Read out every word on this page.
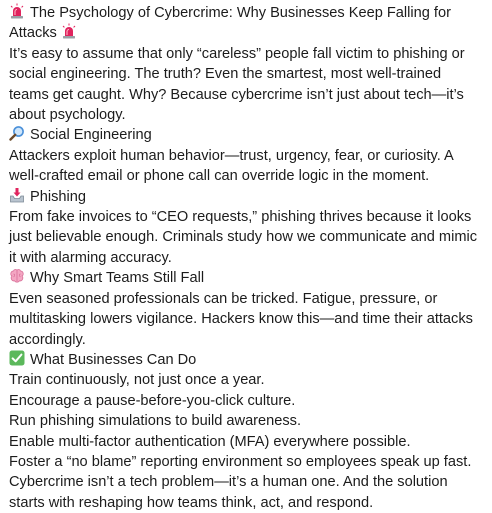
The Psychology of Cybercrime: Why Businesses Keep Falling for Attacks

It’s easy to assume that only “careless” people fall victim to phishing or social engineering. The truth? Even the smartest, most well-trained teams get caught. Why? Because cybercrime isn’t just about tech—it’s about psychology.

Social Engineering

Attackers exploit human behavior—trust, urgency, fear, or curiosity. A well-crafted email or phone call can override logic in the moment.

Phishing

From fake invoices to “CEO requests,” phishing thrives because it looks just believable enough. Criminals study how we communicate and mimic it with alarming accuracy.

Why Smart Teams Still Fall

Even seasoned professionals can be tricked. Fatigue, pressure, or multitasking lowers vigilance. Hackers know this—and time their attacks accordingly.

What Businesses Can Do

Train continuously, not just once a year.

Encourage a pause-before-you-click culture.

Run phishing simulations to build awareness.

Enable multi-factor authentication (MFA) everywhere possible.

Foster a “no blame” reporting environment so employees speak up fast.

Cybercrime isn’t a tech problem—it’s a human one. And the solution starts with reshaping how teams think, act, and respond.
